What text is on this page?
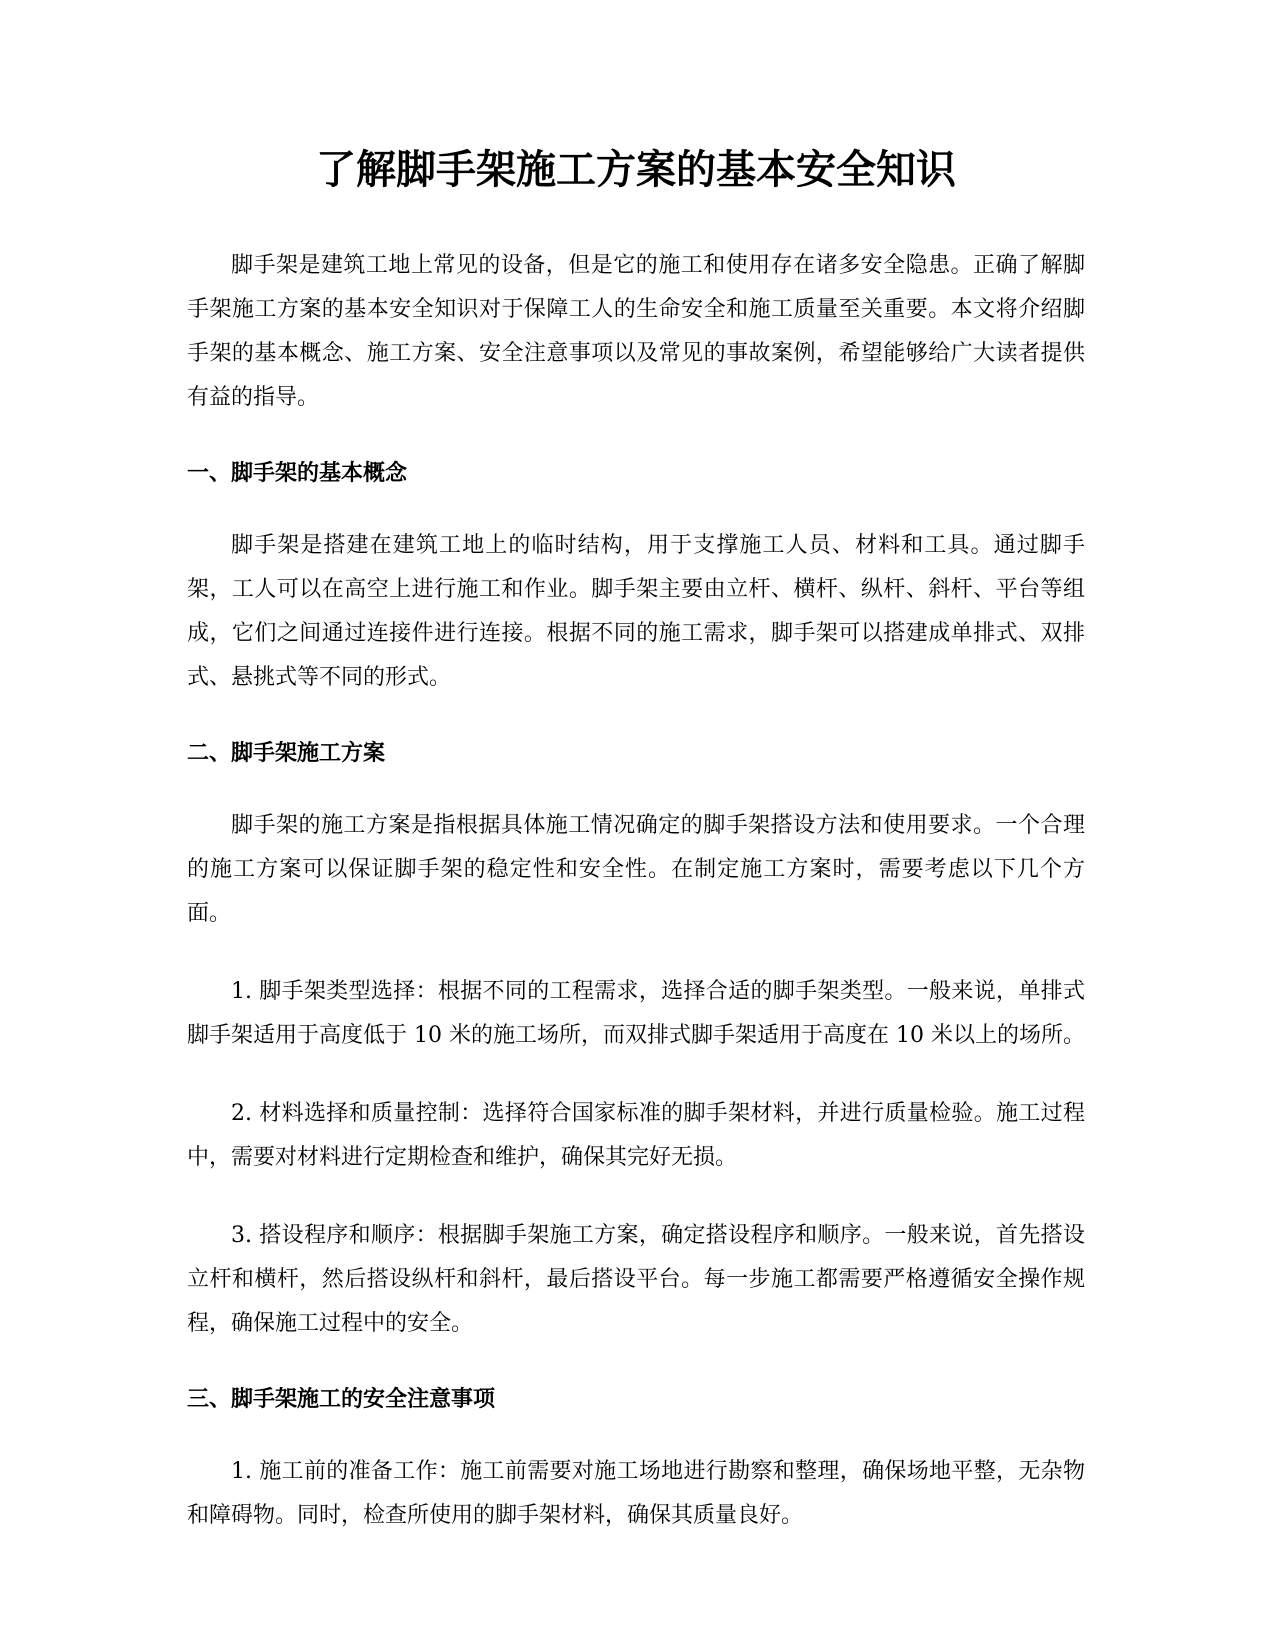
了解脚手架施工方案的基本安全知识

脚手架是建筑工地上常见的设备，但是它的施工和使用存在诸多安全隐患。正确了解脚手架施工方案的基本安全知识对于保障工人的生命安全和施工质量至关重要。本文将介绍脚手架的基本概念、施工方案、安全注意事项以及常见的事故案例，希望能够给广大读者提供有益的指导。

一、脚手架的基本概念

脚手架是搭建在建筑工地上的临时结构，用于支撑施工人员、材料和工具。通过脚手架，工人可以在高空上进行施工和作业。脚手架主要由立杆、横杆、纵杆、斜杆、平台等组成，它们之间通过连接件进行连接。根据不同的施工需求，脚手架可以搭建成单排式、双排式、悬挑式等不同的形式。

二、脚手架施工方案

脚手架的施工方案是指根据具体施工情况确定的脚手架搭设方法和使用要求。一个合理的施工方案可以保证脚手架的稳定性和安全性。在制定施工方案时，需要考虑以下几个方面。

1. 脚手架类型选择：根据不同的工程需求，选择合适的脚手架类型。一般来说，单排式脚手架适用于高度低于 10 米的施工场所，而双排式脚手架适用于高度在 10 米以上的场所。

2. 材料选择和质量控制：选择符合国家标准的脚手架材料，并进行质量检验。施工过程中，需要对材料进行定期检查和维护，确保其完好无损。

3. 搭设程序和顺序：根据脚手架施工方案，确定搭设程序和顺序。一般来说，首先搭设立杆和横杆，然后搭设纵杆和斜杆，最后搭设平台。每一步施工都需要严格遵循安全操作规程，确保施工过程中的安全。

三、脚手架施工的安全注意事项

1. 施工前的准备工作：施工前需要对施工场地进行勘察和整理，确保场地平整，无杂物和障碍物。同时，检查所使用的脚手架材料，确保其质量良好。
